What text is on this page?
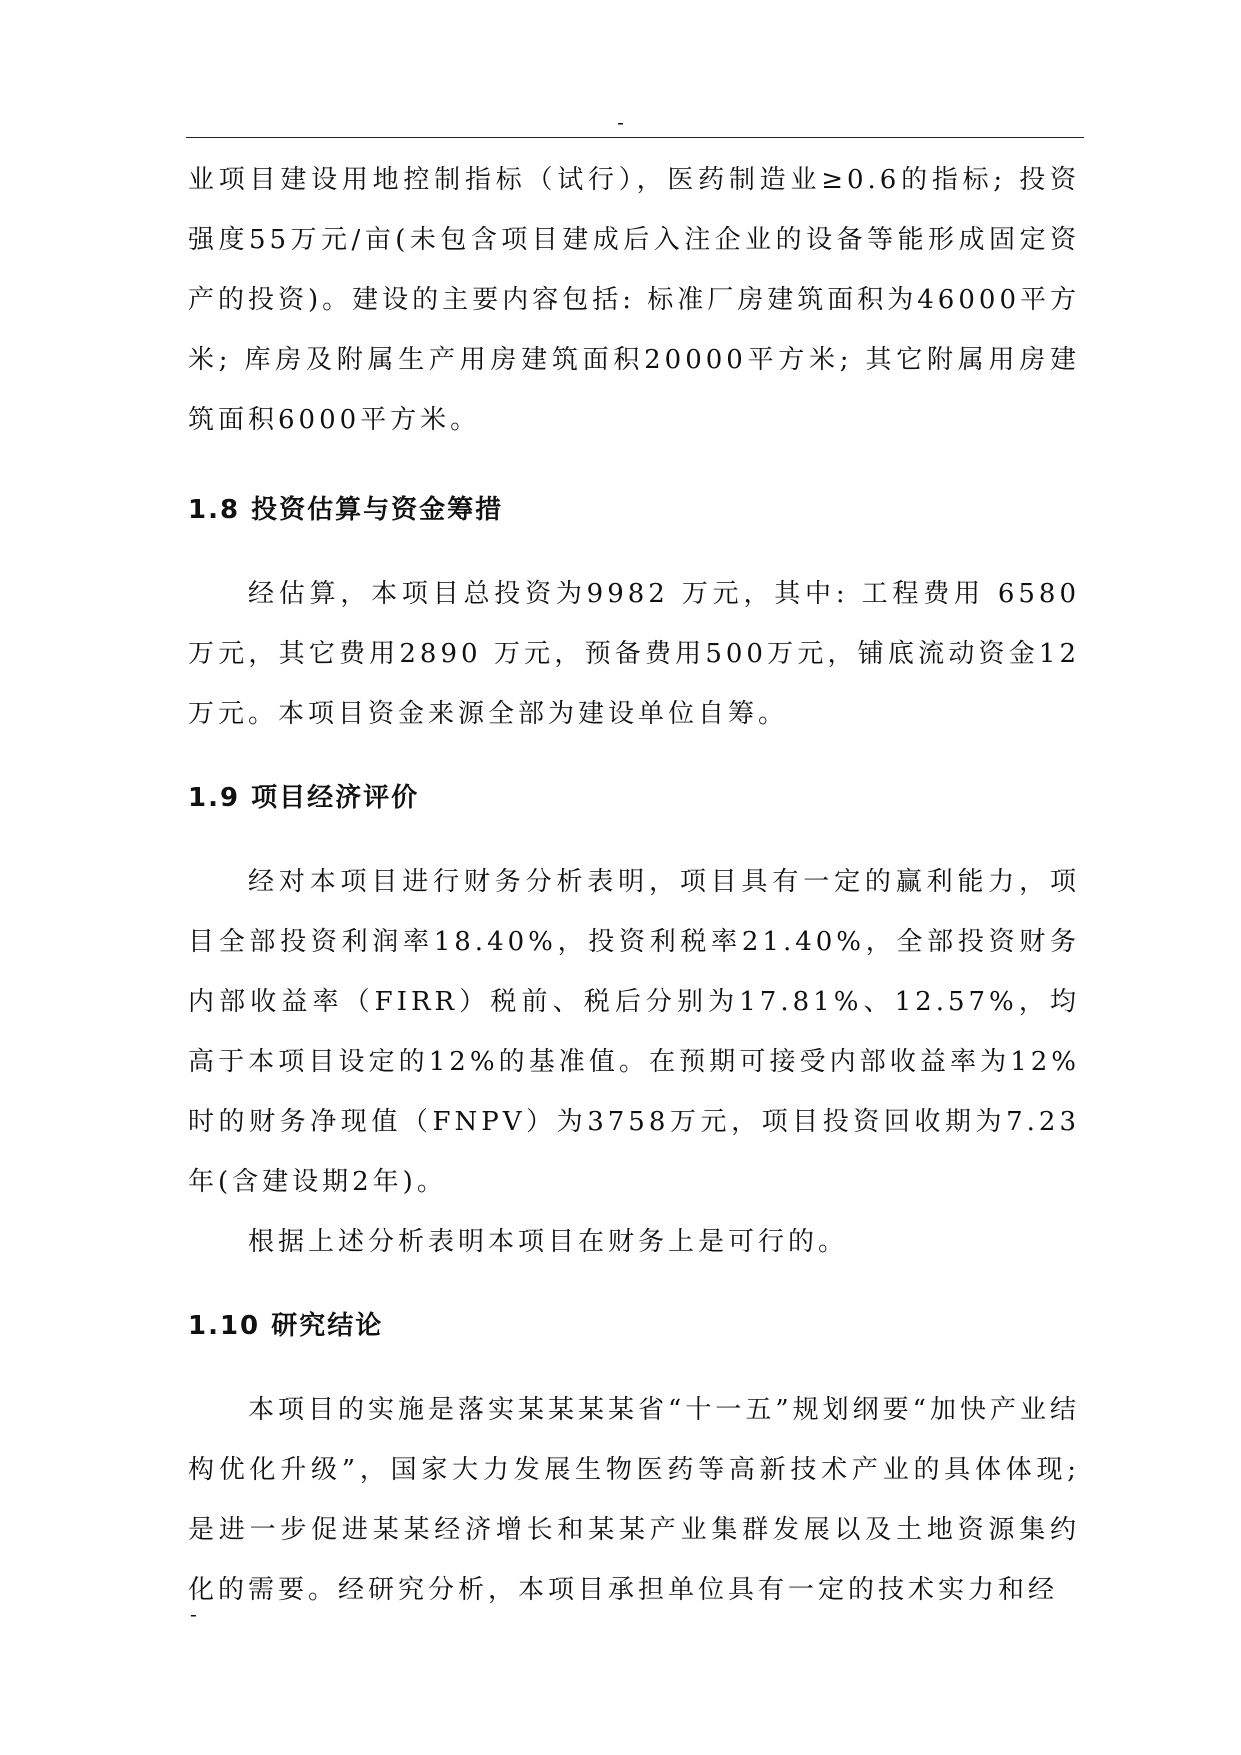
-

业项目建设用地控制指标（试行），医药制造业≥0.6的指标; 投资强度55万元/亩(未包含项目建成后入注企业的设备等能形成固定资产的投资)。建设的主要内容包括: 标准厂房建筑面积为46000平方米; 库房及附属生产用房建筑面积20000平方米; 其它附属用房建筑面积6000平方米。

1.8 投资估算与资金筹措

经估算，本项目总投资为9982 万元，其中: 工程费用 6580 万元，其它费用2890 万元，预备费用500万元，铺底流动资金12万元。本项目资金来源全部为建设单位自筹。

1.9 项目经济评价

经对本项目进行财务分析表明，项目具有一定的赢利能力，项目全部投资利润率18.40%，投资利税率21.40%，全部投资财务内部收益率（FIRR）税前、税后分别为17.81%、12.57%，均高于本项目设定的12%的基准值。在预期可接受内部收益率为12%时的财务净现值（FNPV）为3758万元，项目投资回收期为7.23年(含建设期2年)。

根据上述分析表明本项目在财务上是可行的。

1.10 研究结论

本项目的实施是落实某某某某省“十一五”规划纲要“加快产业结构优化升级”，国家大力发展生物医药等高新技术产业的具体体现; 是进一步促进某某经济增长和某某产业集群发展以及土地资源集约化的需要。经研究分析，本项目承担单位具有一定的技术实力和经

-
